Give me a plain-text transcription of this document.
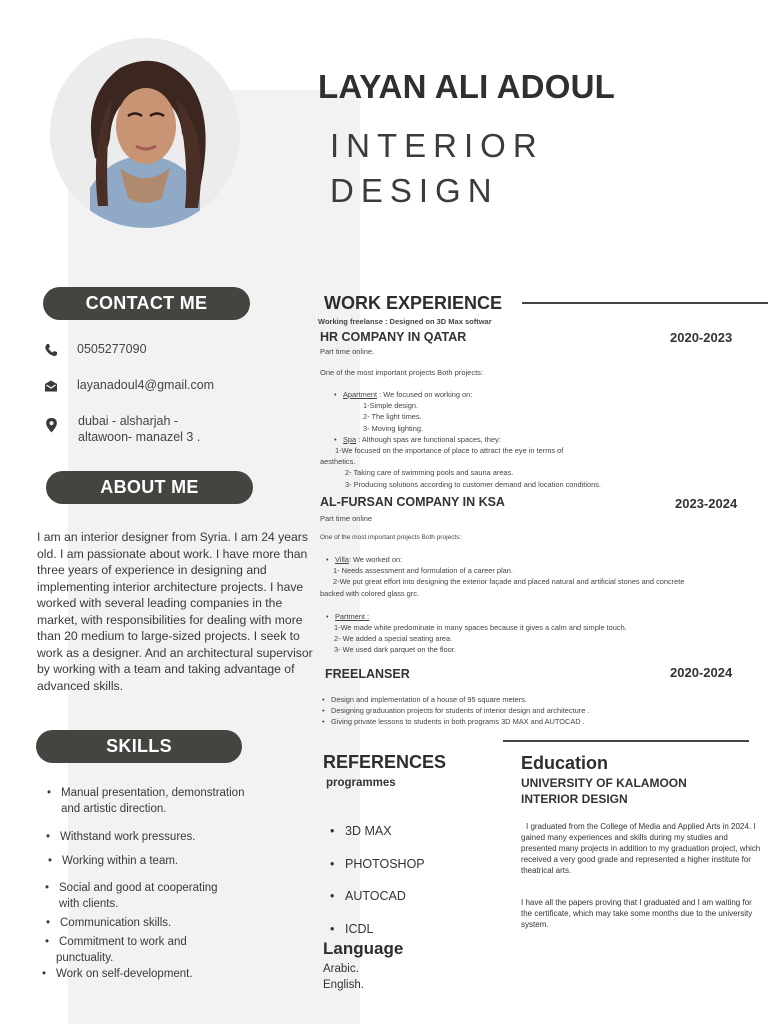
LAYAN ALI ADOUL
INTERIOR
DESIGN
CONTACT ME
0505277090
layanadoul4@gmail.com
dubai - alsharjah -
altawoon- manazel 3 .
ABOUT ME
I am an interior designer from Syria. I am 24 years old. I am passionate about work. I have more than three years of experience in designing and implementing interior architecture projects. I have worked with several leading companies in the market, with responsibilities for dealing with more than 20 medium to large-sized projects. I seek to work as a designer. And an architectural supervisor by working with a team and taking advantage of advanced skills.
SKILLS
• Manual presentation, demonstration
and artistic direction.
• Withstand work pressures.
• Working within a team.
• Social and good at cooperating
with clients.
• Communication skills.
• Commitment to work and
punctuality.
• Work on self-development.
WORK EXPERIENCE
Working freelanse : Designed on 3D Max softwar
HR COMPANY IN QATAR	2020-2023
Part time online.
One of the most important projects Both projects:
• Apartment : We focused on working on:
1-Simple design.
2- The light times.
3- Moving lighting.
• Spa : Although spas are functional spaces, they:
1-We focused on the importance of place to attract the eye in terms of
aesthetics.
2- Taking care of swimming pools and sauna areas.
3- Producing solutions according to customer demand and location conditions.
AL-FURSAN COMPANY IN KSA	2023-2024
Part time online
One of the most important projects Both projects:
• Villa: We worked on:
1- Needs assessment and formulation of a career plan.
2-We put great effort into designing the exterior façade and placed natural and artificial stones and concrete
backed with colored glass grc.
• Partment :
1-We made white predominate in many spaces because it gives a calm and simple touch.
2- We added a special seating area.
3- We used dark parquet on the floor.
FREELANSER	2020-2024
• Design and implementation of a house of 95 square meters.
• Designing graduuation projects for students of interior design and architecture .
• Giving private lessons to students in both programs 3D MAX and AUTOCAD .
REFERENCES
programmes
• 3D MAX
• PHOTOSHOP
• AUTOCAD
• ICDL
Language
Arabic.
English.
Education
UNIVERSITY OF KALAMOON
INTERIOR DESIGN
I graduated from the College of Media and Applied Arts in 2024. I gained many experiences and skills during my studies and presented many projects in addition to my graduation project, which received a very good grade and represented a higher institute for theatrical arts.
I have all the papers proving that I graduated and I am waiting for the certificate, which may take some months due to the university system.
